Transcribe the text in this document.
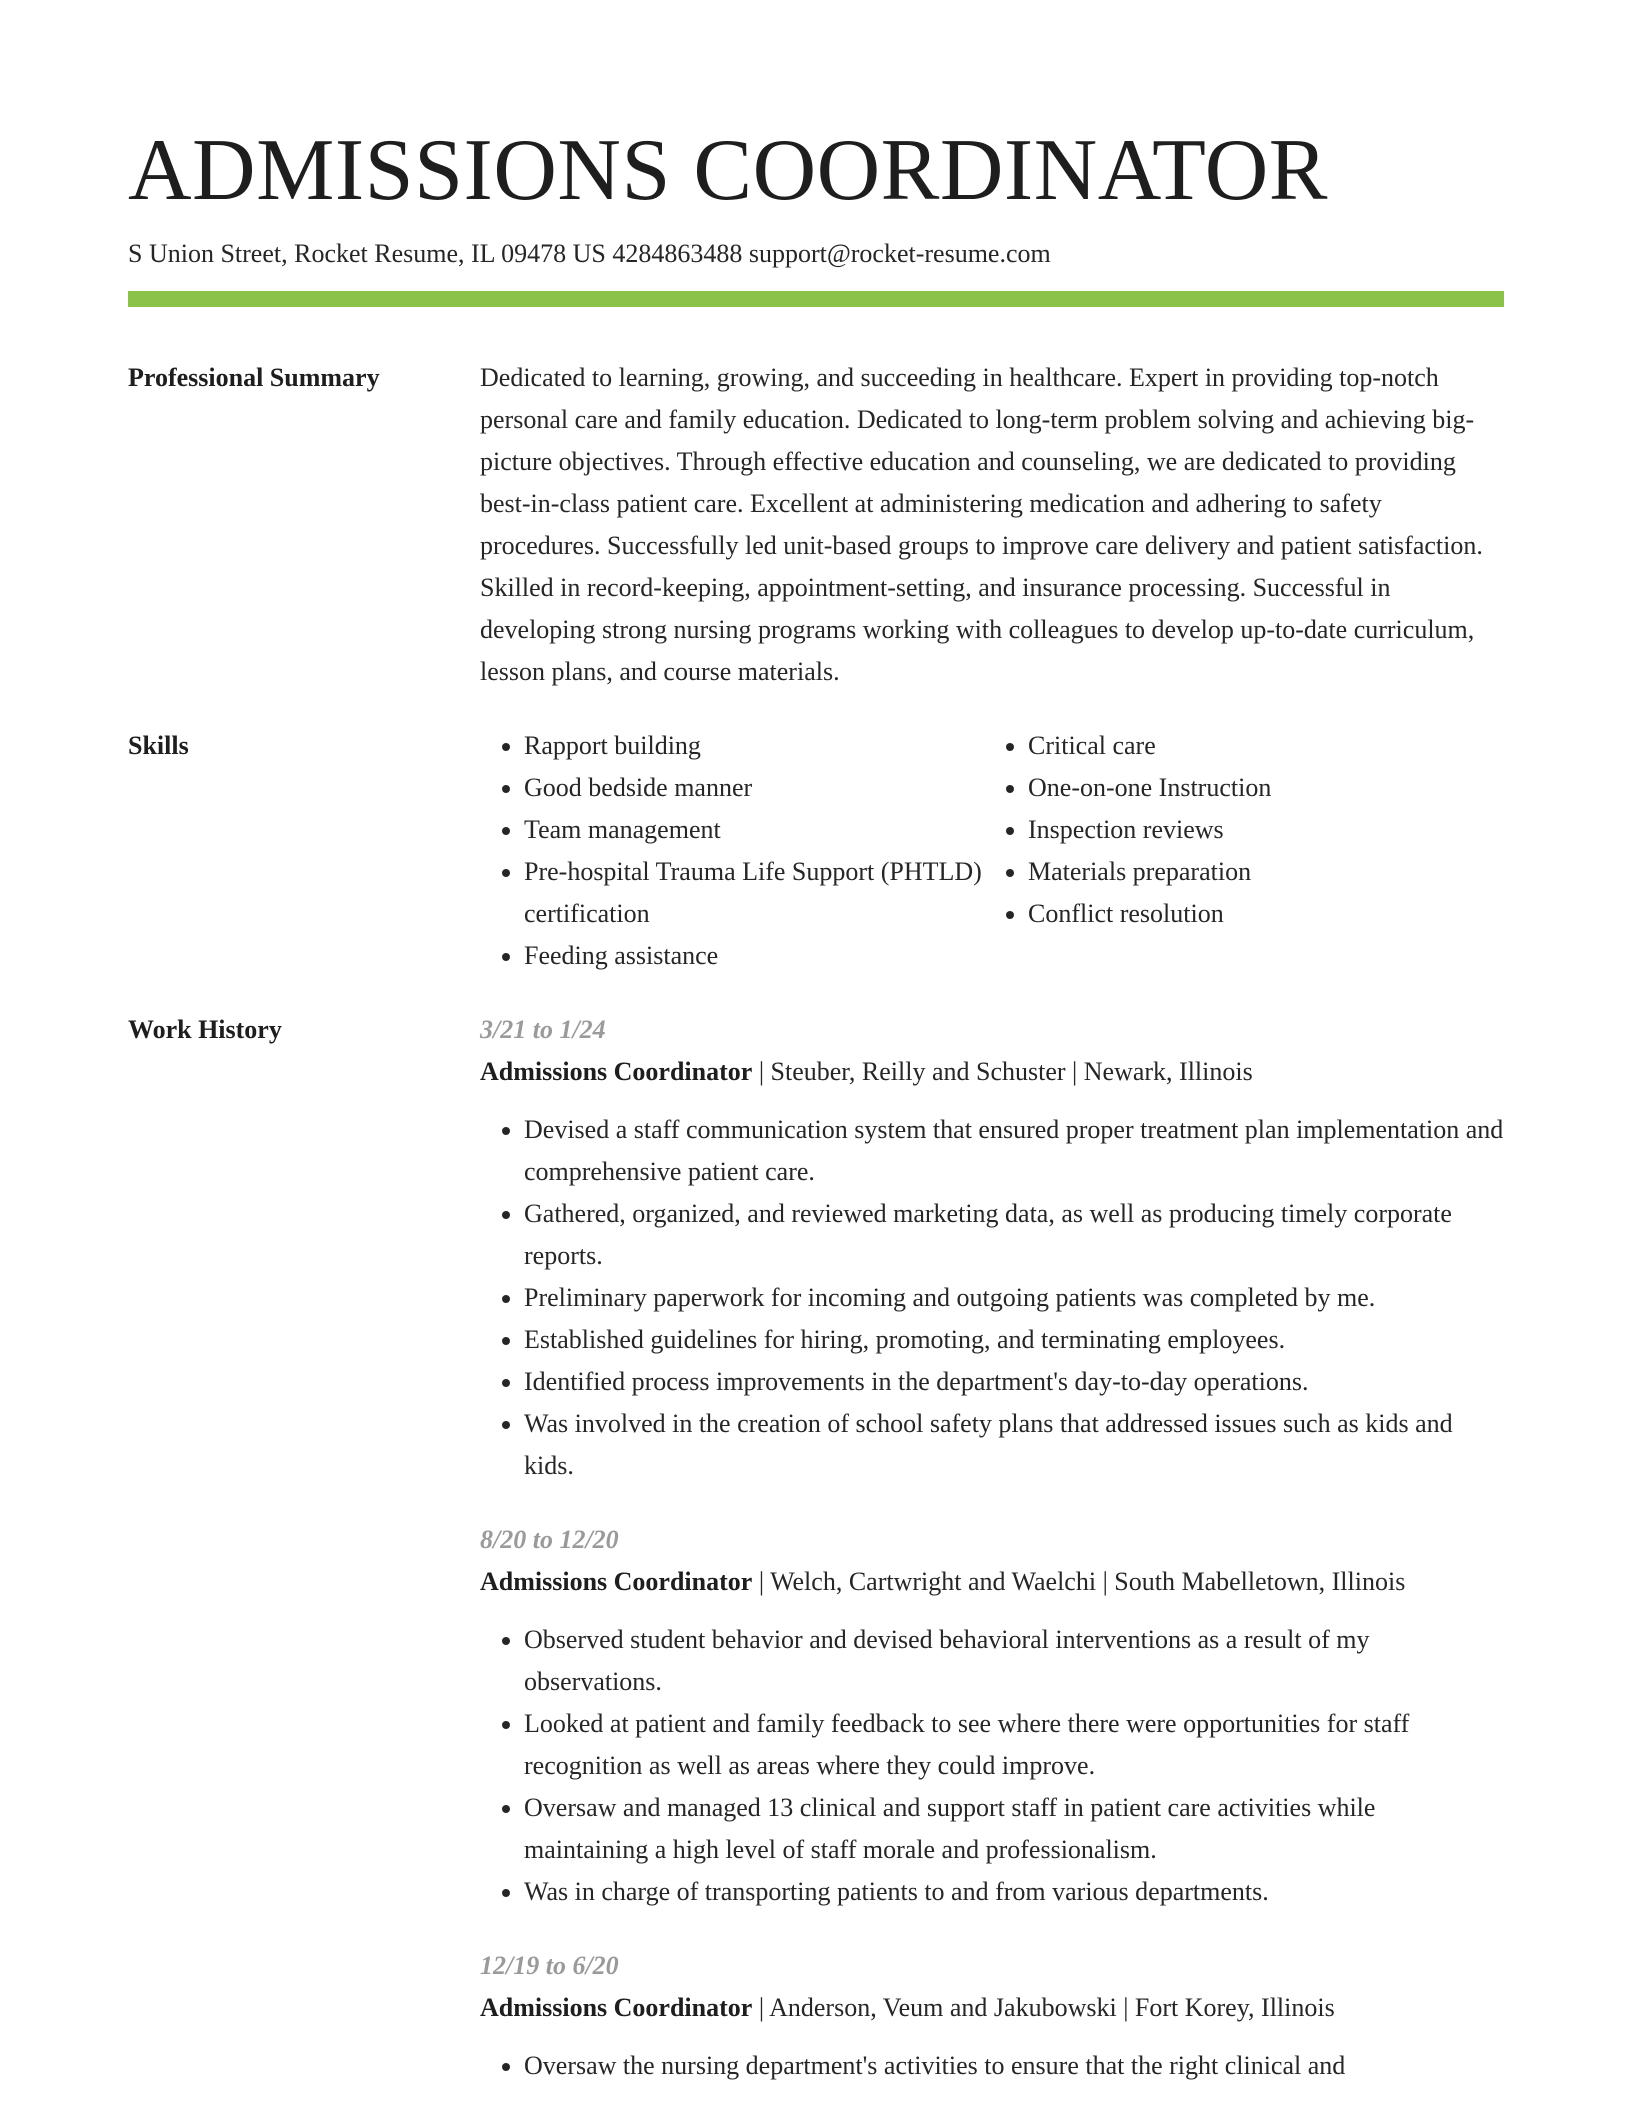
ADMISSIONS COORDINATOR
S Union Street, Rocket Resume, IL 09478 US 4284863488 support@rocket-resume.com
Professional Summary	Dedicated to learning, growing, and succeeding in healthcare. Expert in providing top-notch personal care and family education. Dedicated to long-term problem solving and achieving big-picture objectives. Through effective education and counseling, we are dedicated to providing best-in-class patient care. Excellent at administering medication and adhering to safety procedures. Successfully led unit-based groups to improve care delivery and patient satisfaction. Skilled in record-keeping, appointment-setting, and insurance processing. Successful in developing strong nursing programs working with colleagues to develop up-to-date curriculum, lesson plans, and course materials.
Skills
•	Rapport building
• Good bedside manner
• Team management
• Pre-hospital Trauma Life Support (PHTLD) certification
• Feeding assistance
• Critical care
• One-on-one Instruction
• Inspection reviews
• Materials preparation
• Conflict resolution
Work History	3/21 to 1/24
Admissions Coordinator | Steuber, Reilly and Schuster | Newark, Illinois
• Devised a staff communication system that ensured proper treatment plan implementation and comprehensive patient care.
• Gathered, organized, and reviewed marketing data, as well as producing timely corporate reports.
• Preliminary paperwork for incoming and outgoing patients was completed by me.
• Established guidelines for hiring, promoting, and terminating employees.
• Identified process improvements in the department's day-to-day operations.
• Was involved in the creation of school safety plans that addressed issues such as kids and kids.
8/20 to 12/20
Admissions Coordinator | Welch, Cartwright and Waelchi | South Mabelletown, Illinois
• Observed student behavior and devised behavioral interventions as a result of my observations.
• Looked at patient and family feedback to see where there were opportunities for staff recognition as well as areas where they could improve.
• Oversaw and managed 13 clinical and support staff in patient care activities while maintaining a high level of staff morale and professionalism.
• Was in charge of transporting patients to and from various departments.
12/19 to 6/20
Admissions Coordinator | Anderson, Veum and Jakubowski | Fort Korey, Illinois
• Oversaw the nursing department's activities to ensure that the right clinical and
